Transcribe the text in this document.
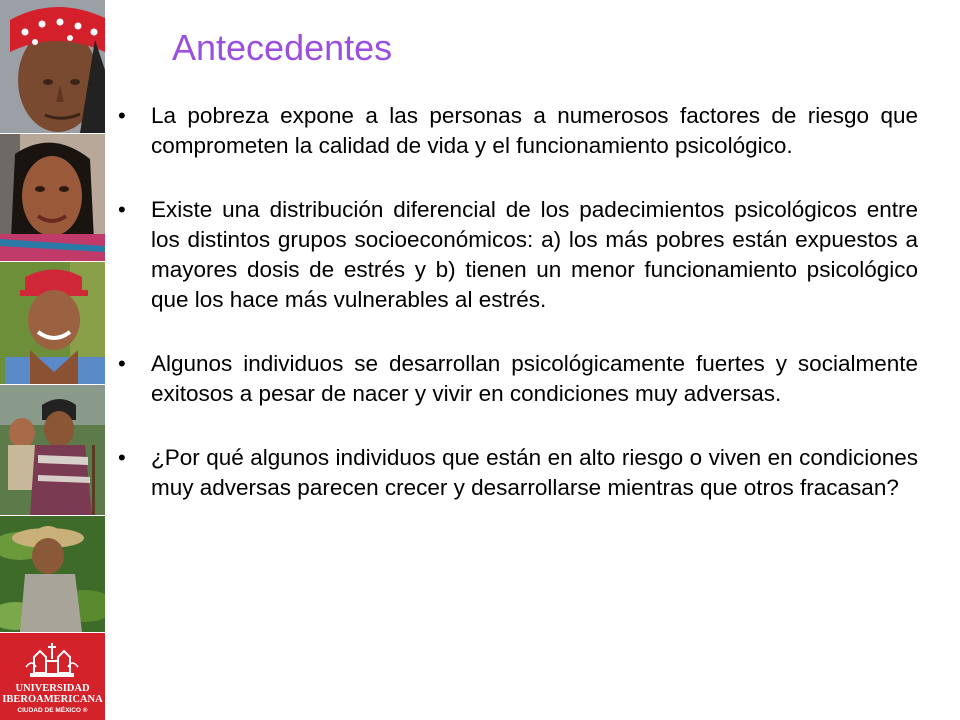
UNIVERSIDAD
IBEROAMERICANA
CIUDAD DE MÉXICO ®
Antecedentes
• La pobreza expone a las personas a numerosos factores de riesgo que comprometen la calidad de vida y el funcionamiento psicológico.
• Existe una distribución diferencial de los padecimientos psicológicos entre los distintos grupos socioeconómicos: a) los más pobres están expuestos a mayores dosis de estrés y b) tienen un menor funcionamiento psicológico que los hace más vulnerables al estrés.
• Algunos individuos se desarrollan psicológicamente fuertes y socialmente exitosos a pesar de nacer y vivir en condiciones muy adversas.
• ¿Por qué algunos individuos que están en alto riesgo o viven en condiciones muy adversas parecen crecer y desarrollarse mientras que otros fracasan?
